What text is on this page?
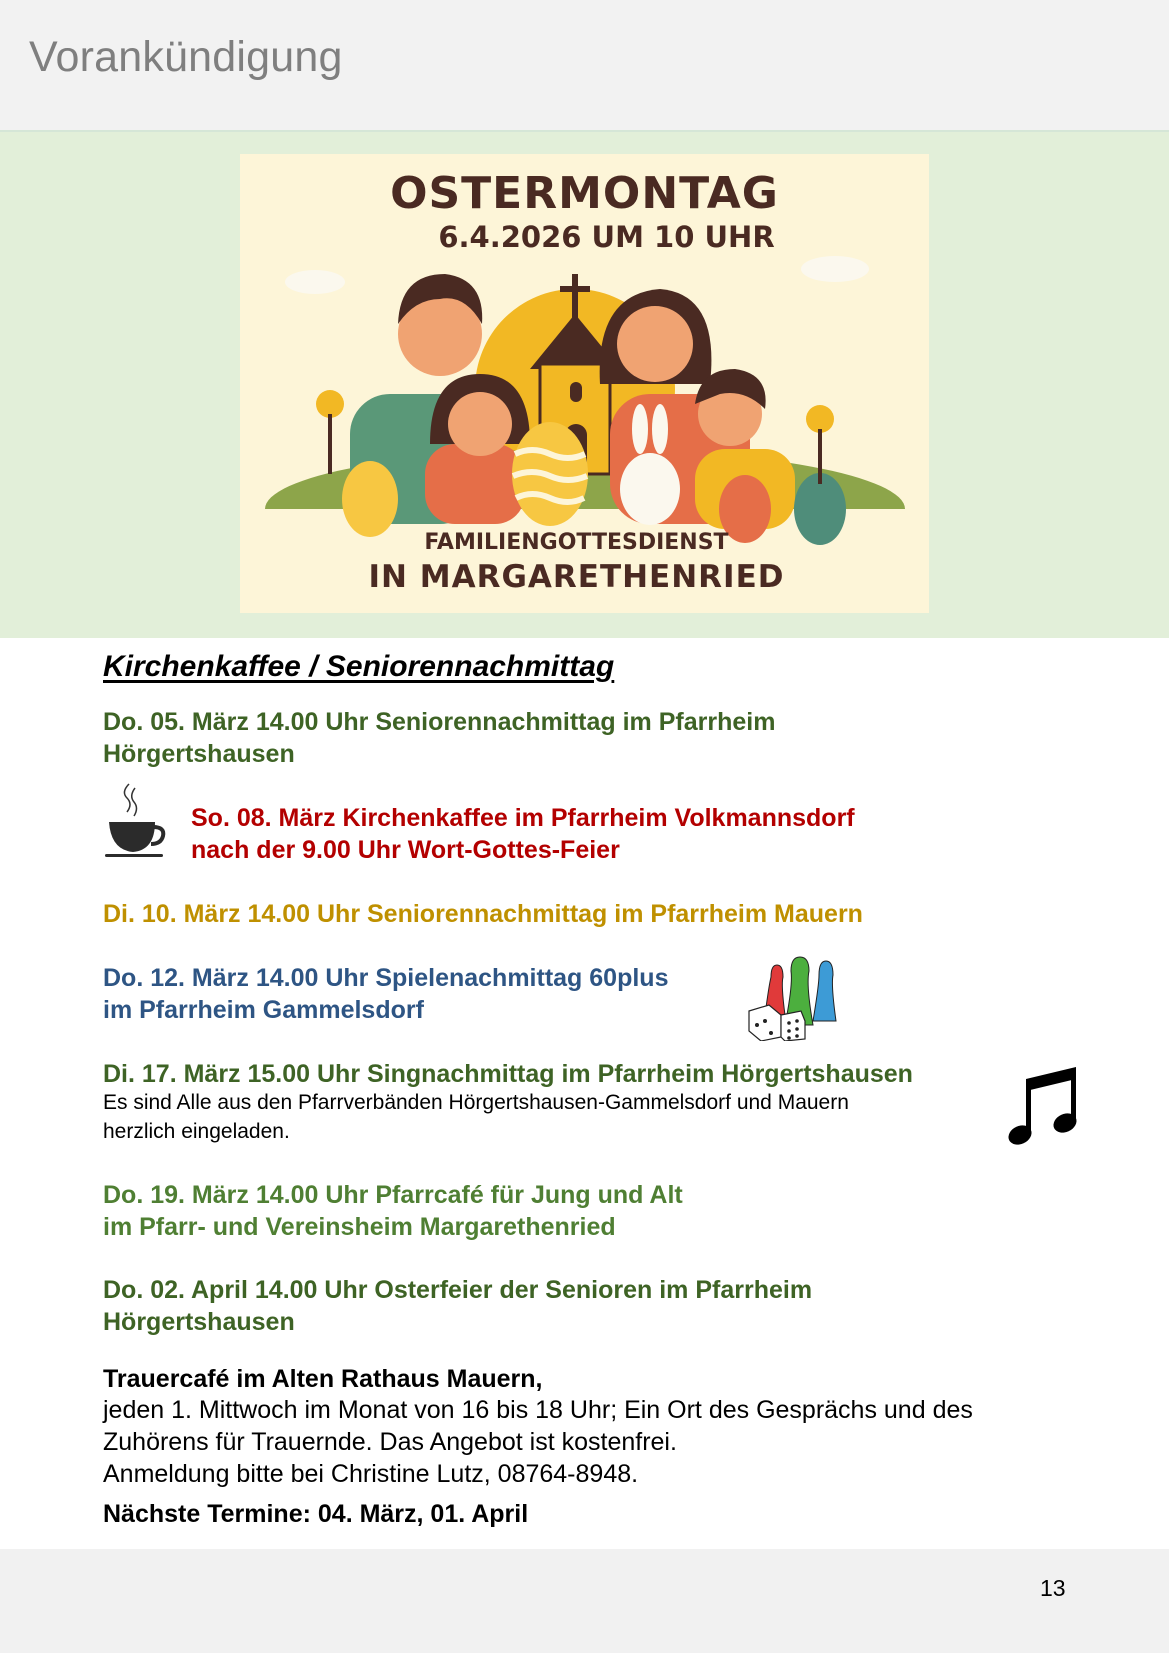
Vorankündigung
OSTERMONTAG
6.4.2026 UM 10 UHR
FAMILIENGOTTESDIENST
IN MARGARETHENRIED
Kirchenkaffee / Seniorennachmittag
Do. 05. März 14.00 Uhr Seniorennachmittag im Pfarrheim
Hörgertshausen
So. 08. März Kirchenkaffee im Pfarrheim Volkmannsdorf
nach der 9.00 Uhr Wort-Gottes-Feier
Di. 10. März 14.00 Uhr Seniorennachmittag im Pfarrheim Mauern
Do. 12. März 14.00 Uhr Spielenachmittag 60plus
im Pfarrheim Gammelsdorf
Di. 17. März 15.00 Uhr Singnachmittag im Pfarrheim Hörgertshausen
Es sind Alle aus den Pfarrverbänden Hörgertshausen-Gammelsdorf und Mauern
herzlich eingeladen.
Do. 19. März 14.00 Uhr Pfarrcafé für Jung und Alt
im Pfarr- und Vereinsheim Margarethenried
Do. 02. April 14.00 Uhr Osterfeier der Senioren im Pfarrheim
Hörgertshausen
Trauercafé im Alten Rathaus Mauern,
jeden 1. Mittwoch im Monat von 16 bis 18 Uhr; Ein Ort des Gesprächs und des
Zuhörens für Trauernde. Das Angebot ist kostenfrei.
Anmeldung bitte bei Christine Lutz, 08764-8948.
Nächste Termine: 04. März, 01. April
13
